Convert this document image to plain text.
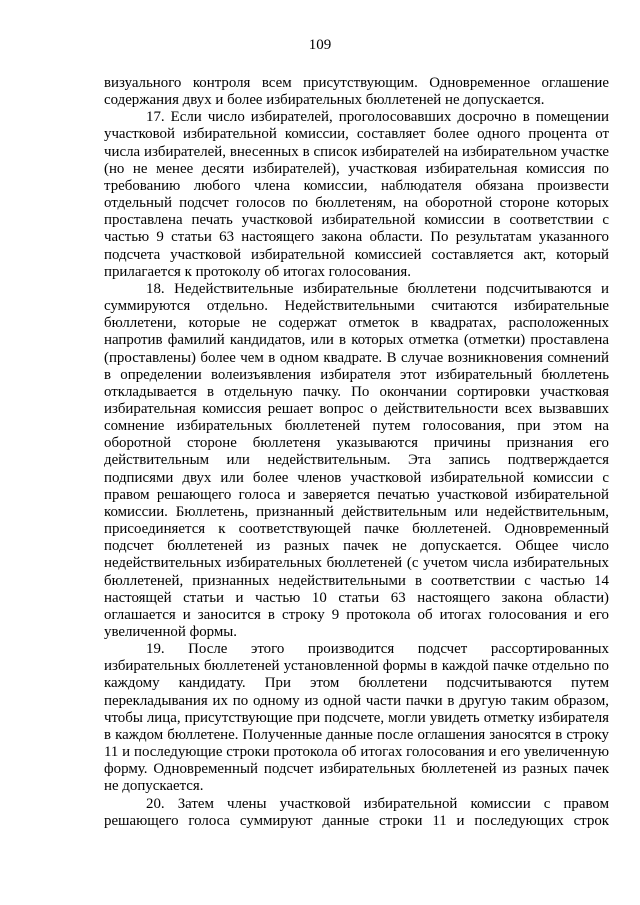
109

визуального контроля всем присутствующим. Одновременное оглашение содержания двух и более избирательных бюллетеней не допускается.

17. Если число избирателей, проголосовавших досрочно в помещении участковой избирательной комиссии, составляет более одного процента от числа избирателей, внесенных в список избирателей на избирательном участке (но не менее десяти избирателей), участковая избирательная комиссия по требованию любого члена комиссии, наблюдателя обязана произвести отдельный подсчет голосов по бюллетеням, на оборотной стороне которых проставлена печать участковой избирательной комиссии в соответствии с частью 9 статьи 63 настоящего закона области. По результатам указанного подсчета участковой избирательной комиссией составляется акт, который прилагается к протоколу об итогах голосования.

18. Недействительные избирательные бюллетени подсчитываются и суммируются отдельно. Недействительными считаются избирательные бюллетени, которые не содержат отметок в квадратах, расположенных напротив фамилий кандидатов, или в которых отметка (отметки) проставлена (проставлены) более чем в одном квадрате. В случае возникновения сомнений в определении волеизъявления избирателя этот избирательный бюллетень откладывается в отдельную пачку. По окончании сортировки участковая избирательная комиссия решает вопрос о действительности всех вызвавших сомнение избирательных бюллетеней путем голосования, при этом на оборотной стороне бюллетеня указываются причины признания его действительным или недействительным. Эта запись подтверждается подписями двух или более членов участковой избирательной комиссии с правом решающего голоса и заверяется печатью участковой избирательной комиссии. Бюллетень, признанный действительным или недействительным, присоединяется к соответствующей пачке бюллетеней. Одновременный подсчет бюллетеней из разных пачек не допускается. Общее число недействительных избирательных бюллетеней (с учетом числа избирательных бюллетеней, признанных недействительными в соответствии с частью 14 настоящей статьи и частью 10 статьи 63 настоящего закона области) оглашается и заносится в строку 9 протокола об итогах голосования и его увеличенной формы.

19. После этого производится подсчет рассортированных избирательных бюллетеней установленной формы в каждой пачке отдельно по каждому кандидату. При этом бюллетени подсчитываются путем перекладывания их по одному из одной части пачки в другую таким образом, чтобы лица, присутствующие при подсчете, могли увидеть отметку избирателя в каждом бюллетене. Полученные данные после оглашения заносятся в строку 11 и последующие строки протокола об итогах голосования и его увеличенную форму. Одновременный подсчет избирательных бюллетеней из разных пачек не допускается.

20. Затем члены участковой избирательной комиссии с правом решающего голоса суммируют данные строки 11 и последующих строк
